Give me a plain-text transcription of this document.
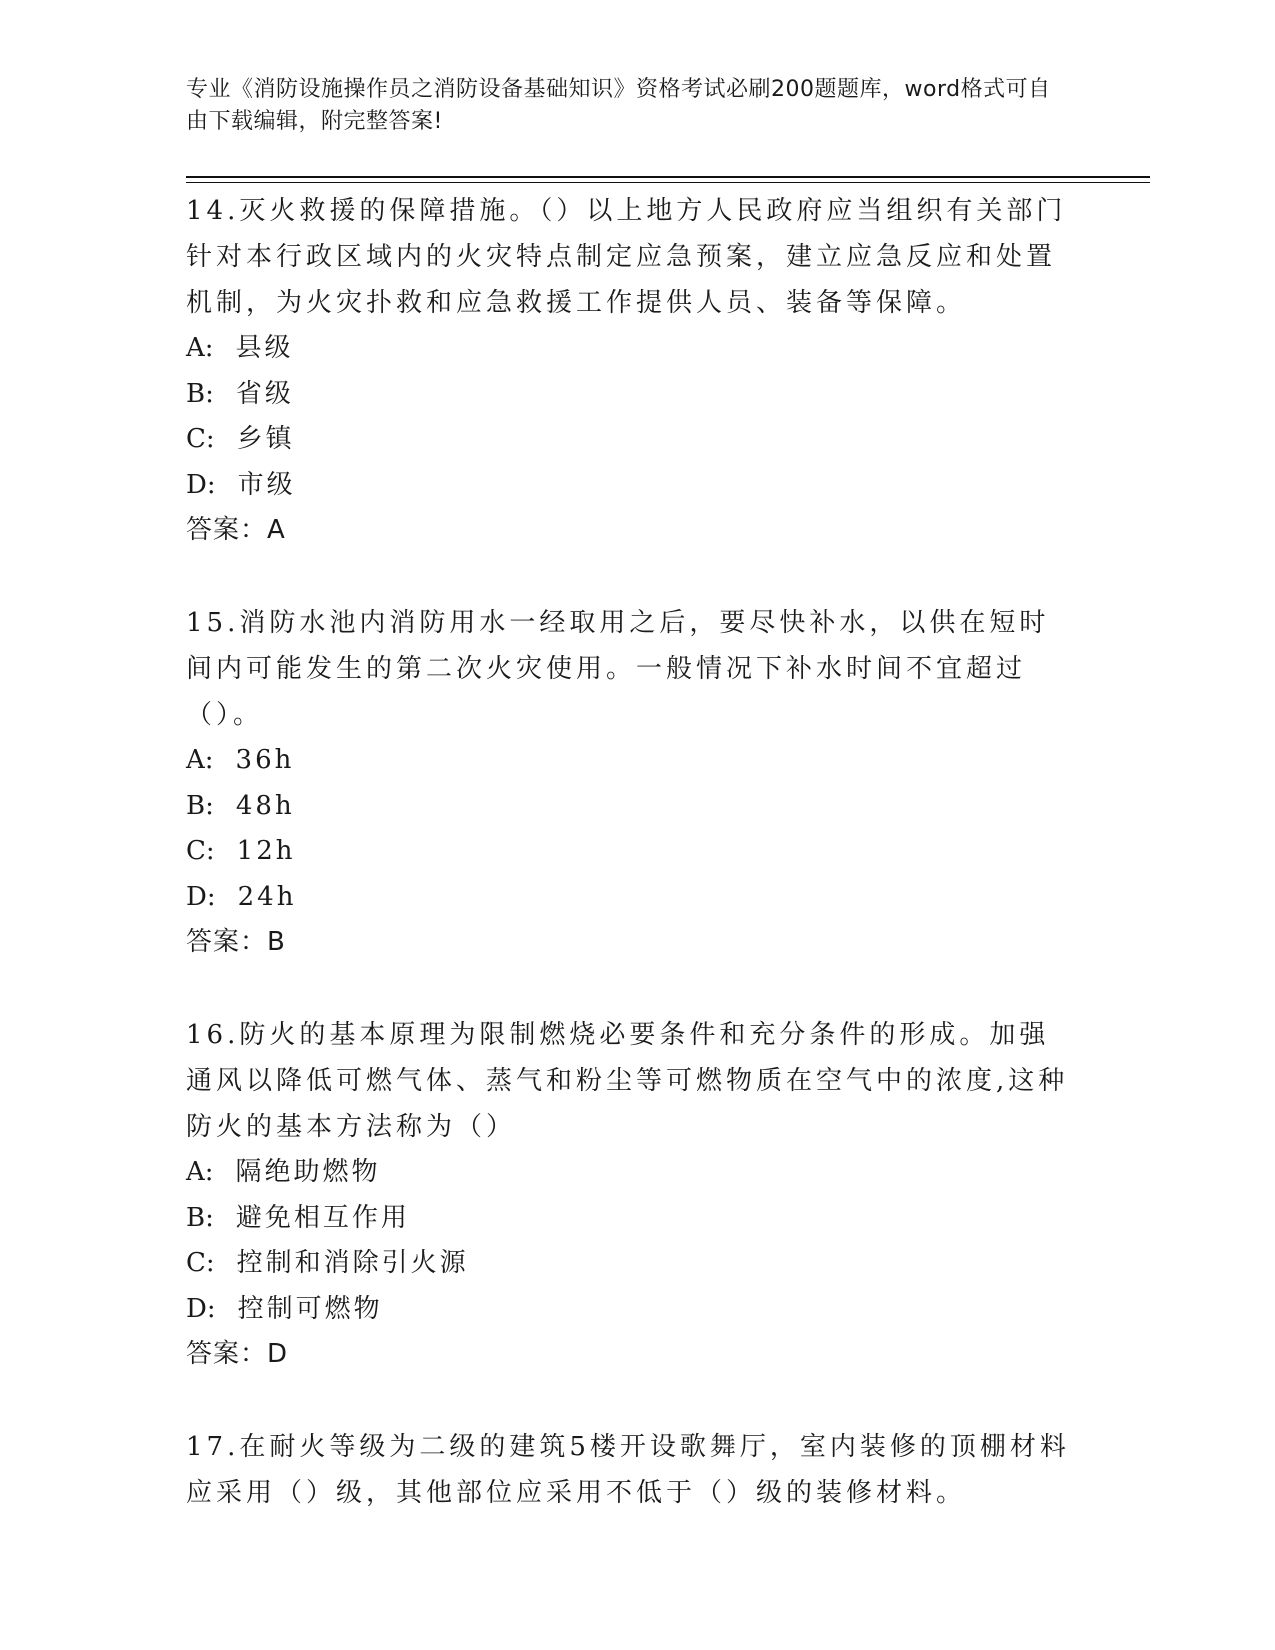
专业《消防设施操作员之消防设备基础知识》资格考试必刷200题题库，word格式可自由下载编辑，附完整答案!

14.灭火救援的保障措施。（）以上地方人民政府应当组织有关部门针对本行政区域内的火灾特点制定应急预案，建立应急反应和处置机制，为火灾扑救和应急救援工作提供人员、装备等保障。

A: 县级

B: 省级

C: 乡镇

D: 市级

答案：A

15.消防水池内消防用水一经取用之后，要尽快补水，以供在短时间内可能发生的第二次火灾使用。一般情况下补水时间不宜超过（）。

A: 36h

B: 48h

C: 12h

D: 24h

答案：B

16.防火的基本原理为限制燃烧必要条件和充分条件的形成。加强通风以降低可燃气体、蒸气和粉尘等可燃物质在空气中的浓度,这种防火的基本方法称为（）

A: 隔绝助燃物

B: 避免相互作用

C: 控制和消除引火源

D: 控制可燃物

答案：D

17.在耐火等级为二级的建筑5楼开设歌舞厅，室内装修的顶棚材料应采用（）级，其他部位应采用不低于（）级的装修材料。
